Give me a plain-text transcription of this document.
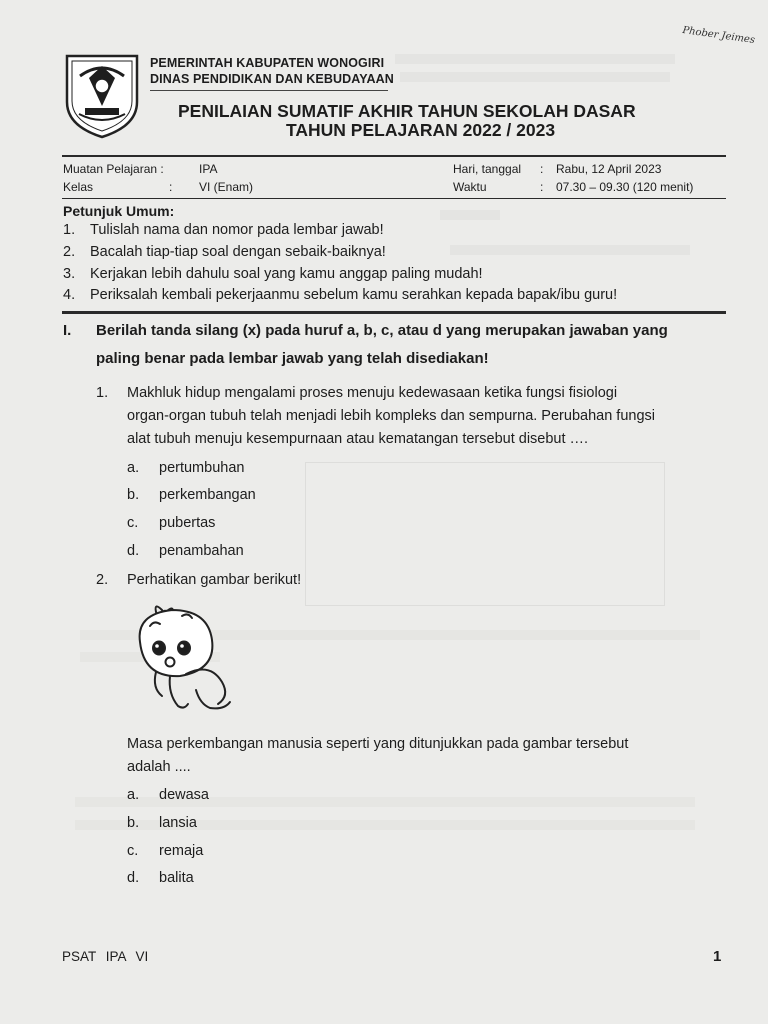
Phober Jeimes
PEMERINTAH KABUPATEN WONOGIRI
DINAS PENDIDIKAN DAN KEBUDAYAAN
PENILAIAN SUMATIF AKHIR TAHUN SEKOLAH DASAR
TAHUN PELAJARAN 2022 / 2023
Muatan Pelajaran :	IPA
Kelas	: VI (Enam)
Hari, tanggal : Rabu, 12 April 2023
Waktu	: 07.30 – 09.30 (120 menit)
Petunjuk Umum:
1. Tulislah nama dan nomor pada lembar jawab!
2. Bacalah tiap-tiap soal dengan sebaik-baiknya!
3. Kerjakan lebih dahulu soal yang kamu anggap paling mudah!
4. Periksalah kembali pekerjaanmu sebelum kamu serahkan kepada bapak/ibu guru!
I. Berilah tanda silang (x) pada huruf a, b, c, atau d yang merupakan jawaban yang
paling benar pada lembar jawab yang telah disediakan!
1. Makhluk hidup mengalami proses menuju kedewasaan ketika fungsi fisiologi
organ-organ tubuh telah menjadi lebih kompleks dan sempurna. Perubahan fungsi
alat tubuh menuju kesempurnaan atau kematangan tersebut disebut ….
a. pertumbuhan
b. perkembangan
c. pubertas
d. penambahan
2. Perhatikan gambar berikut!
Masa perkembangan manusia seperti yang ditunjukkan pada gambar tersebut
adalah ....
a. dewasa
b. lansia
c. remaja
d. balita
PSAT IPA VI	1
